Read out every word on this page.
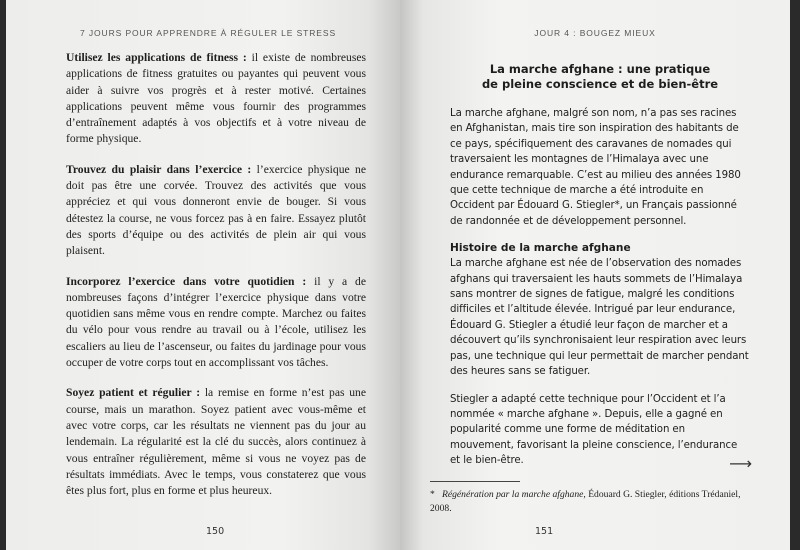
7 JOURS POUR APPRENDRE À RÉGULER LE STRESS

Utilisez les applications de fitness : il existe de nombreuses applications de fitness gratuites ou payantes qui peuvent vous aider à suivre vos progrès et à rester motivé. Certaines applications peuvent même vous fournir des programmes d’entraînement adaptés à vos objectifs et à votre niveau de forme physique.

Trouvez du plaisir dans l’exercice : l’exercice physique ne doit pas être une corvée. Trouvez des activités que vous appréciez et qui vous donneront envie de bouger. Si vous détestez la course, ne vous forcez pas à en faire. Essayez plutôt des sports d’équipe ou des activités de plein air qui vous plaisent.

Incorporez l’exercice dans votre quotidien : il y a de nombreuses façons d’intégrer l’exercice physique dans votre quotidien sans même vous en rendre compte. Marchez ou faites du vélo pour vous rendre au travail ou à l’école, utilisez les escaliers au lieu de l’ascenseur, ou faites du jardinage pour vous occuper de votre corps tout en accomplissant vos tâches.

Soyez patient et régulier : la remise en forme n’est pas une course, mais un marathon. Soyez patient avec vous-même et avec votre corps, car les résultats ne viennent pas du jour au lendemain. La régularité est la clé du succès, alors continuez à vous entraîner régulièrement, même si vous ne voyez pas de résultats immédiats. Avec le temps, vous constaterez que vous êtes plus fort, plus en forme et plus heureux.

150
JOUR 4 : BOUGEZ MIEUX
La marche afghane : une pratique
de pleine conscience et de bien-être

La marche afghane, malgré son nom, n’a pas ses racines en Afghanistan, mais tire son inspiration des habitants de ce pays, spécifiquement des caravanes de nomades qui traversaient les montagnes de l’Himalaya avec une endurance remarquable. C’est au milieu des années 1980 que cette technique de marche a été introduite en Occident par Édouard G. Stiegler*, un Français passionné de randonnée et de développement personnel.

Histoire de la marche afghane

La marche afghane est née de l’observation des nomades afghans qui traversaient les hauts sommets de l’Himalaya sans montrer de signes de fatigue, malgré les conditions difficiles et l’altitude élevée. Intrigué par leur endurance, Édouard G. Stiegler a étudié leur façon de marcher et a découvert qu’ils synchronisaient leur respiration avec leurs pas, une technique qui leur permettait de marcher pendant des heures sans se fatiguer.

Stiegler a adapté cette technique pour l’Occident et l’a nommée « marche afghane ». Depuis, elle a gagné en popularité comme une forme de méditation en mouvement, favorisant la pleine conscience, l’endurance et le bien-être.	⟶
* Régénération par la marche afghane, Édouard G. Stiegler, éditions Trédaniel, 2008.
151
